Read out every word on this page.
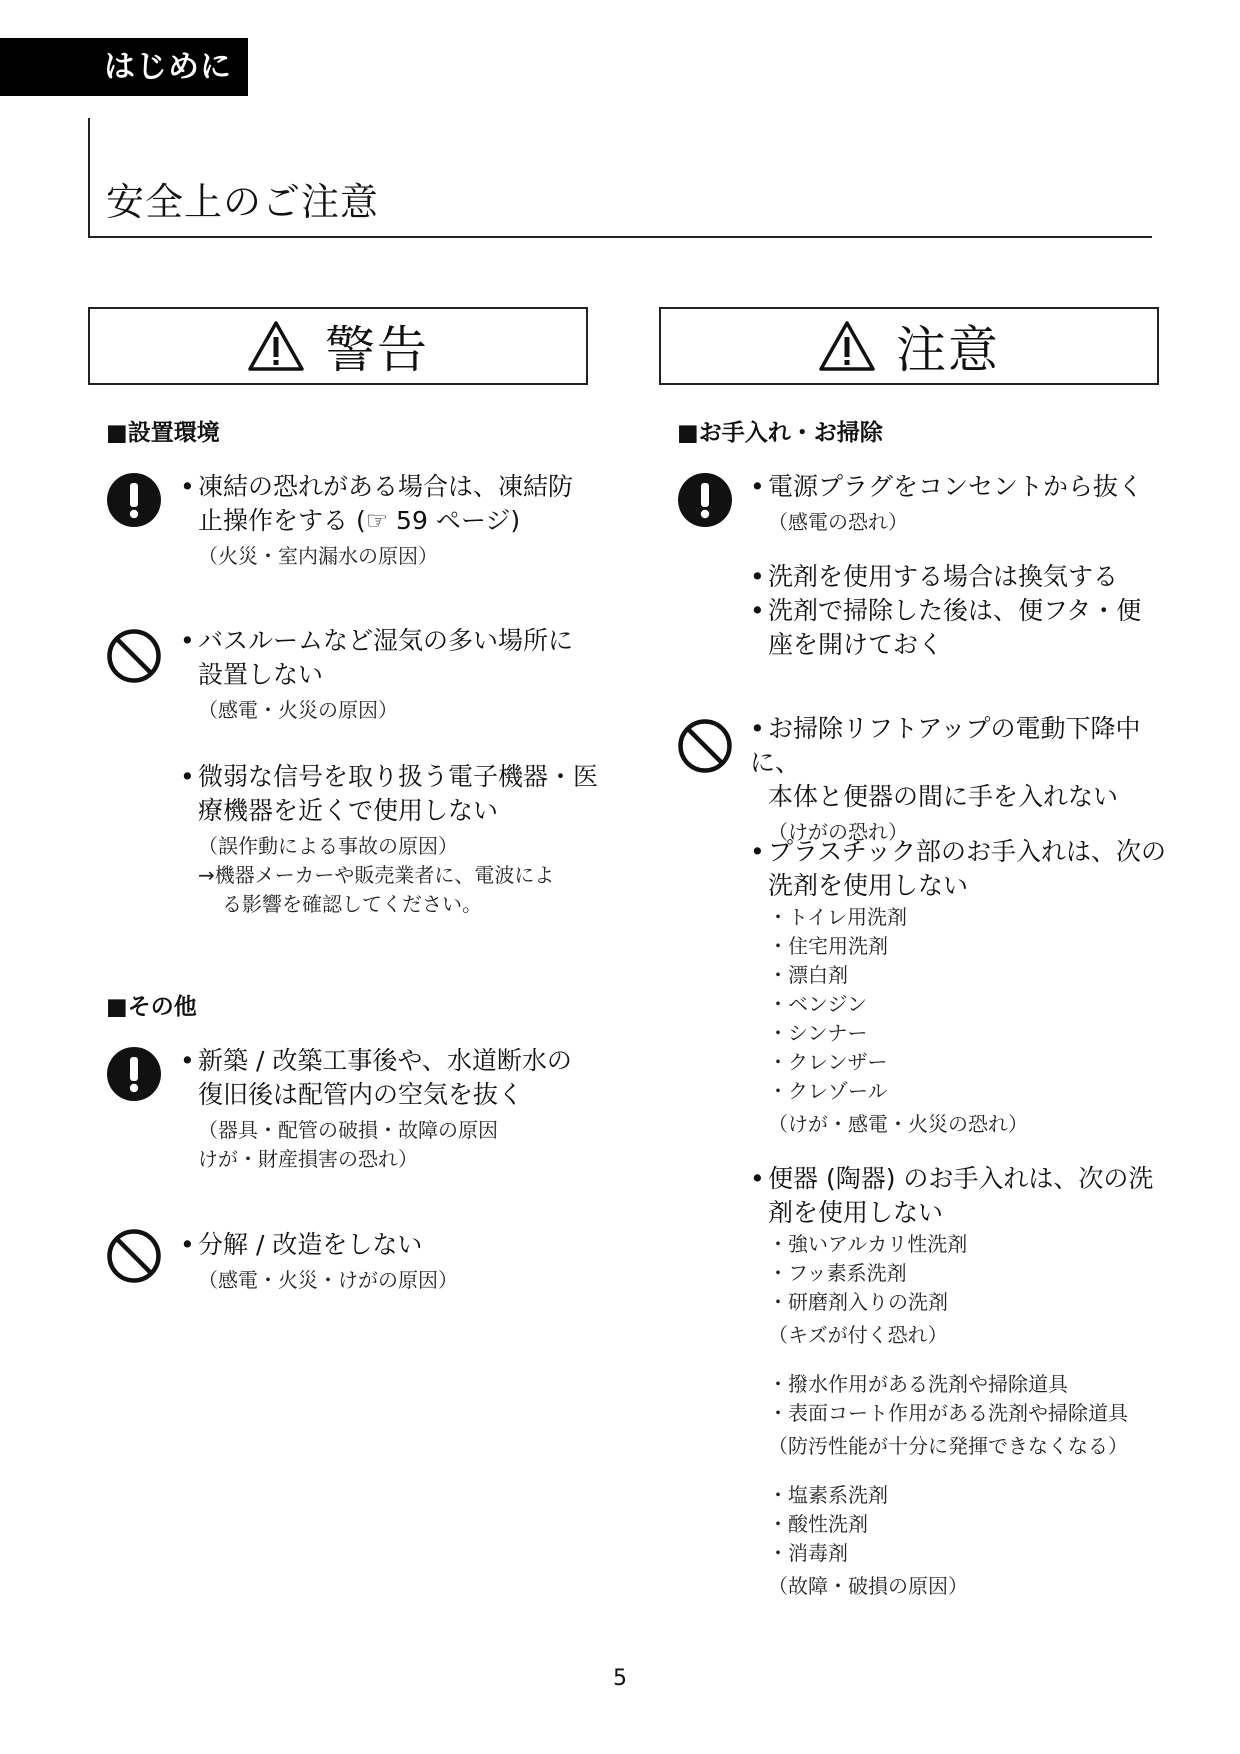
はじめに
安全上のご注意
警告	注意
■設置環境
• 凍結の恐れがある場合は、凍結防
止操作をする (☞ 59 ページ)
（火災・室内漏水の原因）
• バスルームなど湿気の多い場所に
設置しない
（感電・火災の原因）
• 微弱な信号を取り扱う電子機器・医
療機器を近くで使用しない
（誤作動による事故の原因）
→機器メーカーや販売業者に、電波によ
る影響を確認してください。
■その他
• 新築 / 改築工事後や、水道断水の
復旧後は配管内の空気を抜く
（器具・配管の破損・故障の原因
けが・財産損害の恐れ）
• 分解 / 改造をしない
（感電・火災・けがの原因）
■お手入れ・お掃除
• 電源プラグをコンセントから抜く
（感電の恐れ）
• 洗剤を使用する場合は換気する
• 洗剤で掃除した後は、便フタ・便
座を開けておく
• お掃除リフトアップの電動下降中に、
本体と便器の間に手を入れない
（けがの恐れ）
• プラスチック部のお手入れは、次の
洗剤を使用しない
・トイレ用洗剤
・住宅用洗剤
・漂白剤
・ベンジン
・シンナー
・クレンザー
・クレゾール
（けが・感電・火災の恐れ）
• 便器 (陶器) のお手入れは、次の洗
剤を使用しない
・強いアルカリ性洗剤
・フッ素系洗剤
・研磨剤入りの洗剤
（キズが付く恐れ）
・撥水作用がある洗剤や掃除道具
・表面コート作用がある洗剤や掃除道具
（防汚性能が十分に発揮できなくなる）
・塩素系洗剤
・酸性洗剤
・消毒剤
（故障・破損の原因）
5
